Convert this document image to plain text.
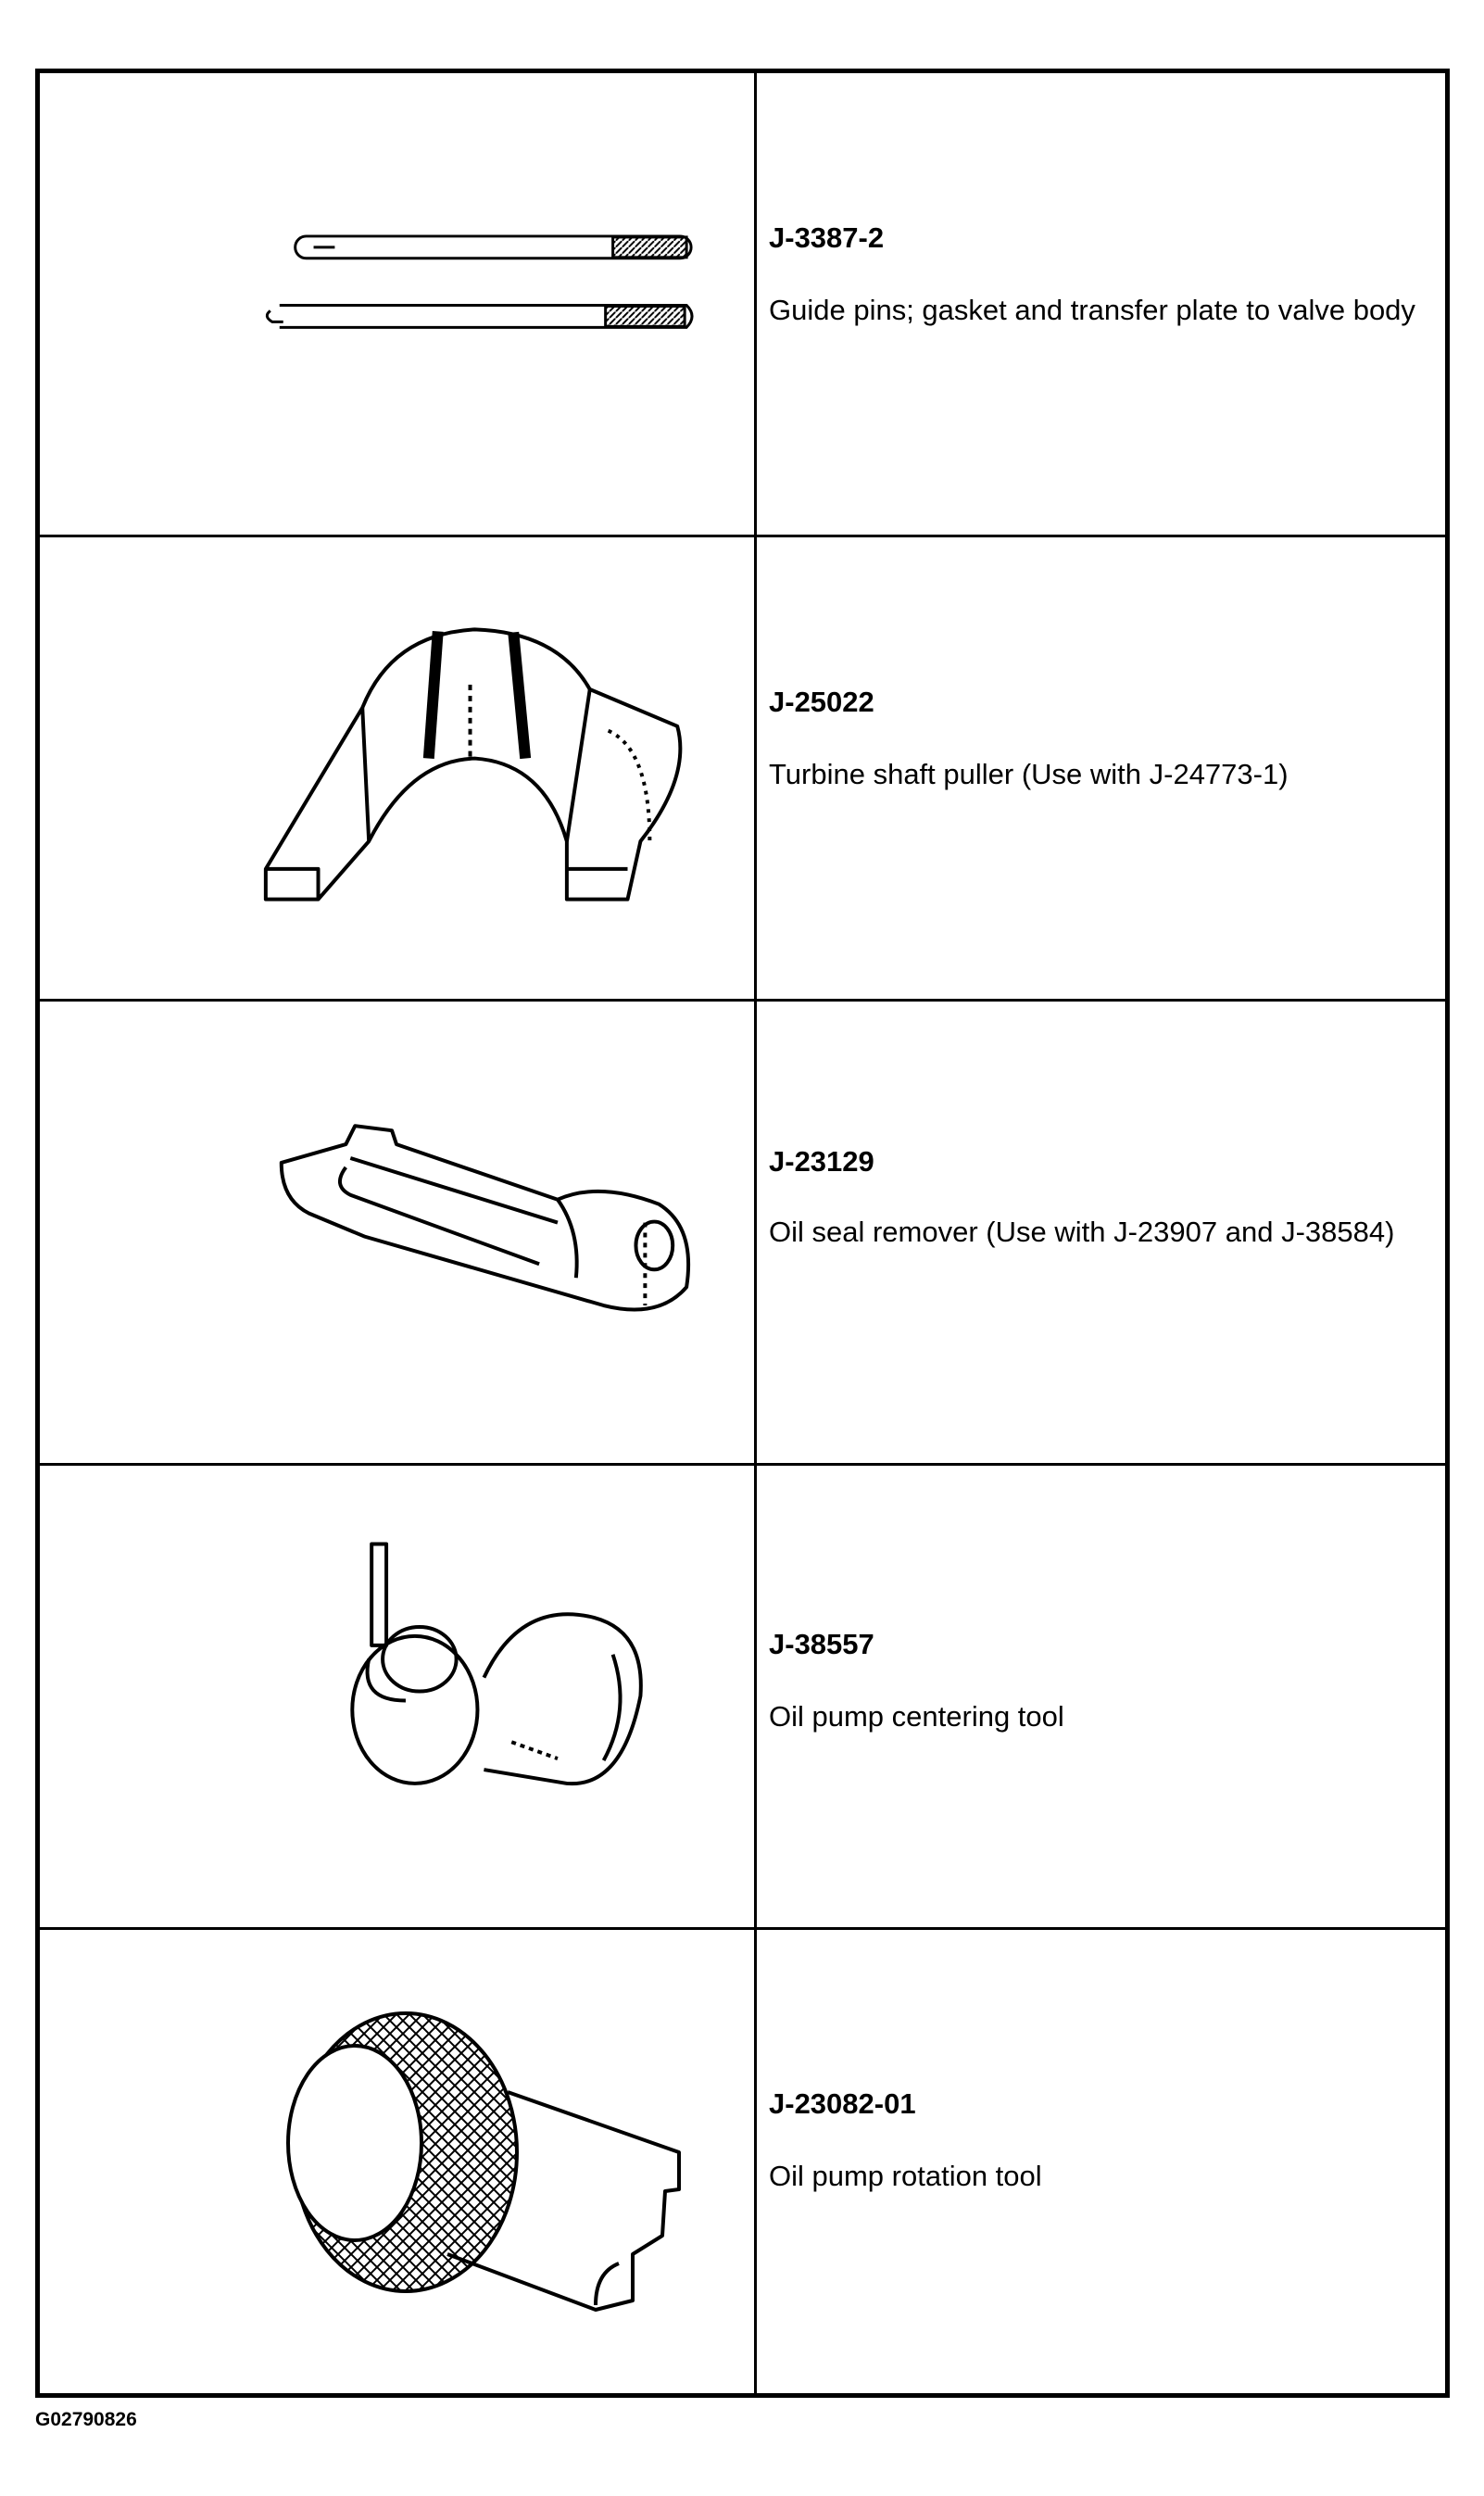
J-3387-2
Guide pins; gasket and transfer plate to valve body
J-25022
Turbine shaft puller (Use with J-24773-1)
J-23129
Oil seal remover (Use with J-23907 and J-38584)
J-38557
Oil pump centering tool
J-23082-01
Oil pump rotation tool
G02790826
